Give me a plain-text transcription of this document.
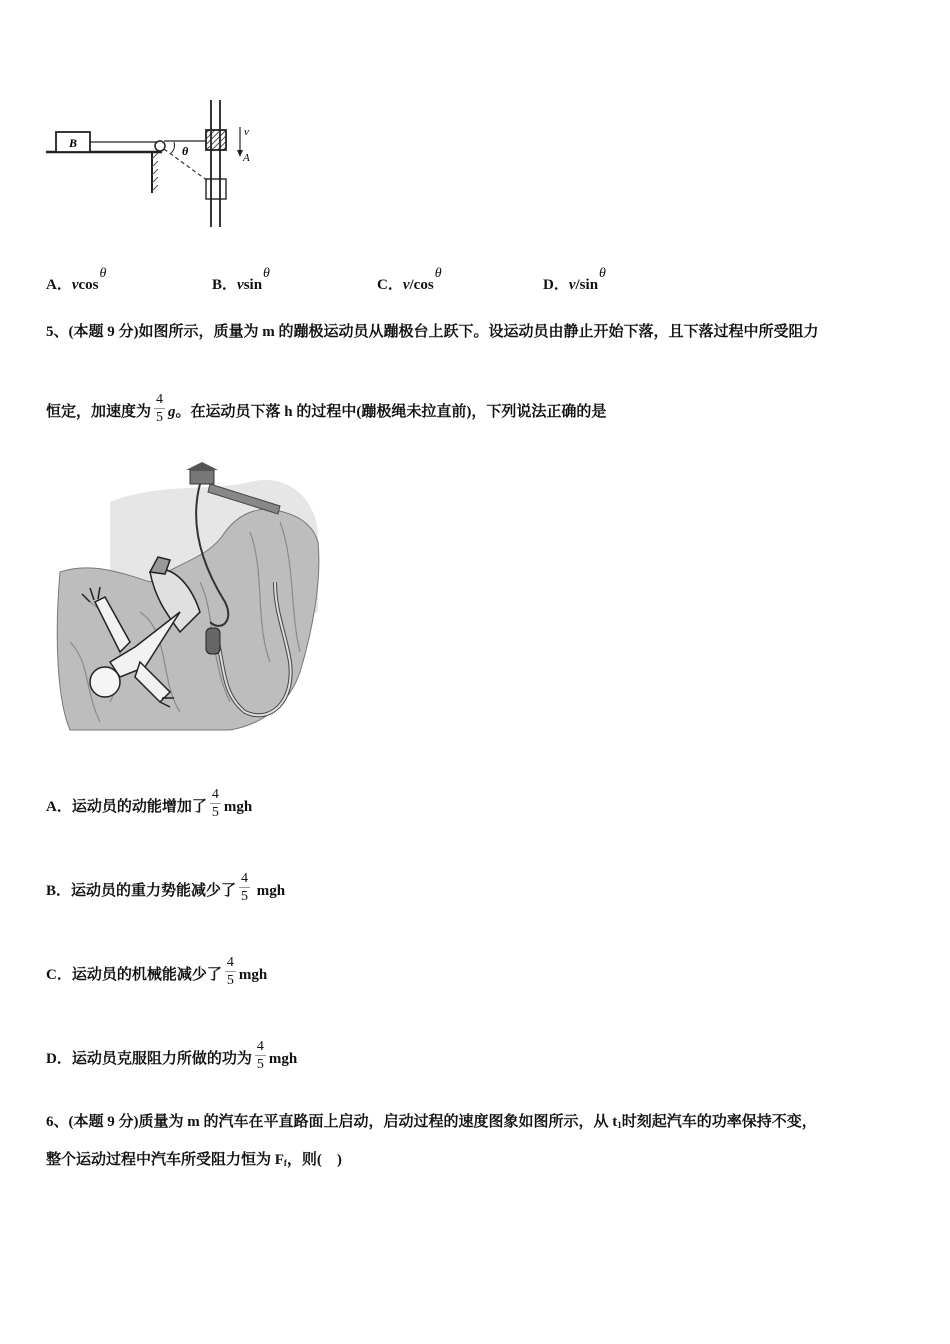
B
θ
v
A
A．vcosθ
B．vsinθ
C．v/cosθ
D．v/sinθ
5、(本题 9 分)如图所示，质量为 m 的蹦极运动员从蹦极台上跃下。设运动员由静止开始下落，且下落过程中所受阻力
恒定，加速度为 $\frac{4}{5}$ g。在运动员下落 h 的过程中(蹦极绳未拉直前)，下列说法正确的是
A．运动员的动能增加了 $\frac{4}{5}$ mgh
B．运动员的重力势能减少了 $\frac{4}{5}$ mgh
C．运动员的机械能减少了 $\frac{4}{5}$ mgh
D．运动员克服阻力所做的功为 $\frac{4}{5}$ mgh
6、(本题 9 分)质量为 m 的汽车在平直路面上启动，启动过程的速度图象如图所示，从 $t_1$时刻起汽车的功率保持不变，
整个运动过程中汽车所受阻力恒为 $F_f$，则(　)
